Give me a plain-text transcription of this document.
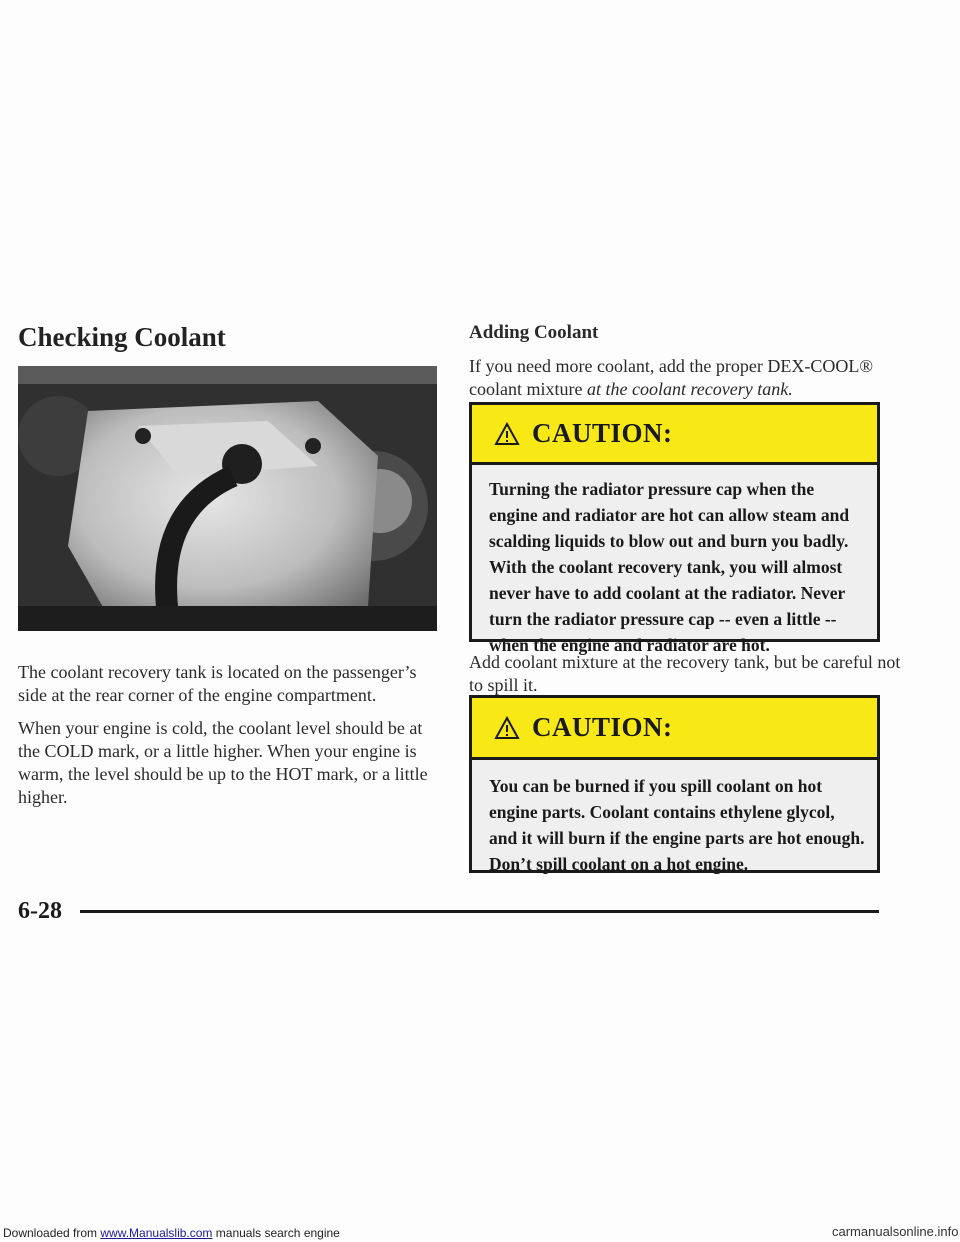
Checking Coolant
The coolant recovery tank is located on the passenger’s side at the rear corner of the engine compartment.
When your engine is cold, the coolant level should be at the COLD mark, or a little higher. When your engine is warm, the level should be up to the HOT mark, or a little higher.
Adding Coolant
If you need more coolant, add the proper DEX-COOL® coolant mixture at the coolant recovery tank.
CAUTION:
Turning the radiator pressure cap when the engine and radiator are hot can allow steam and scalding liquids to blow out and burn you badly. With the coolant recovery tank, you will almost never have to add coolant at the radiator. Never turn the radiator pressure cap -- even a little -- when the engine and radiator are hot.
Add coolant mixture at the recovery tank, but be careful not to spill it.
CAUTION:
You can be burned if you spill coolant on hot engine parts. Coolant contains ethylene glycol, and it will burn if the engine parts are hot enough. Don’t spill coolant on a hot engine.
6-28
Downloaded from www.Manualslib.com manuals search engine	carmanualsonline.info
